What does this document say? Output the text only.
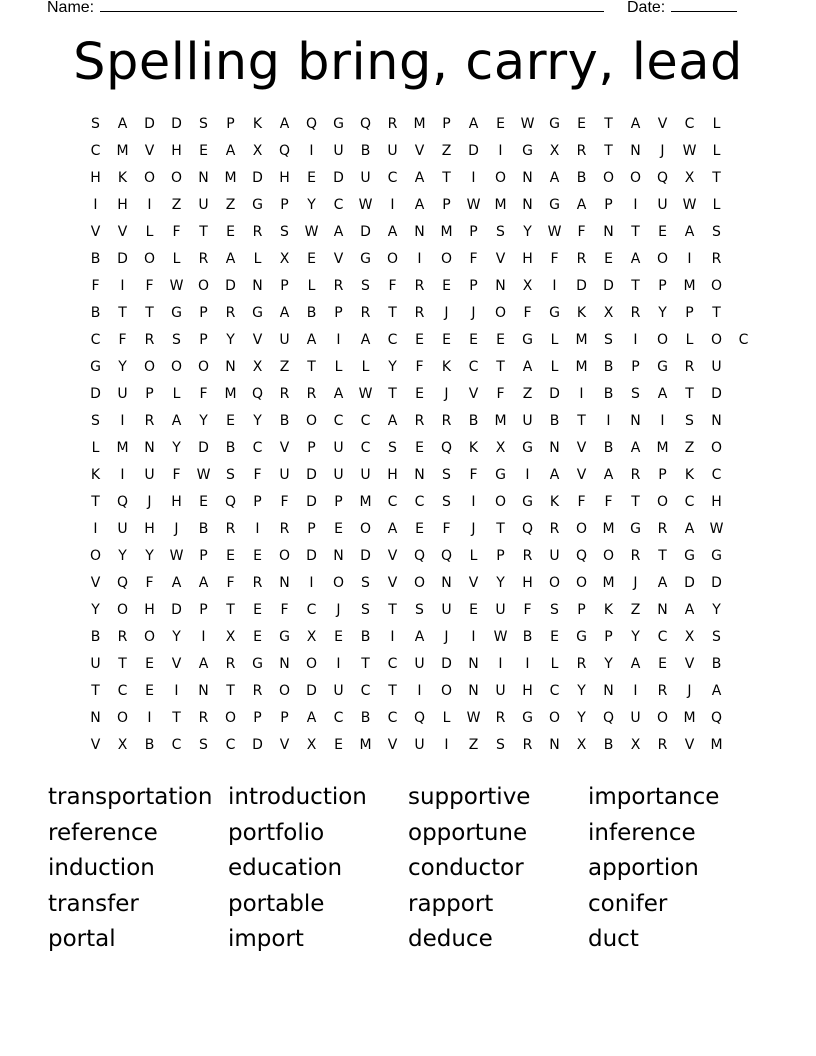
Name:	Date:
Spelling bring, carry, lead
S	A	D	D	S	P	K	A	Q	G	Q	R	M	P	A	E	W	G	E	T	A	V	C	L
C	M	V	H	E	A	X	Q	I	U	B	U	V	Z	D	I	G	X	R	T	N	J	W	L
H	K	O	O	N	M	D	H	E	D	U	C	A	T	I	O	N	A	B	O	O	Q	X	T
I	H	I	Z	U	Z	G	P	Y	C	W	I	A	P	W	M	N	G	A	P	I	U	W	L
V	V	L	F	T	E	R	S	W	A	D	A	N	M	P	S	Y	W	F	N	T	E	A	S
B	D	O	L	R	A	L	X	E	V	G	O	I	O	F	V	H	F	R	E	A	O	I	R
F	I	F	W	O	D	N	P	L	R	S	F	R	E	P	N	X	I	D	D	T	P	M	O
B	T	T	G	P	R	G	A	B	P	R	T	R	J	J	O	F	G	K	X	R	Y	P	T
C	F	R	S	P	Y	V	U	A	I	A	C	E	E	E	E	G	L	M	S	I	O	L	O	C
G	Y	O	O	O	N	X	Z	T	L	L	Y	F	K	C	T	A	L	M	B	P	G	R	U
D	U	P	L	F	M	Q	R	R	A	W	T	E	J	V	F	Z	D	I	B	S	A	T	D
S	I	R	A	Y	E	Y	B	O	C	C	A	R	R	B	M	U	B	T	I	N	I	S	N
L	M	N	Y	D	B	C	V	P	U	C	S	E	Q	K	X	G	N	V	B	A	M	Z	O
K	I	U	F	W	S	F	U	D	U	U	H	N	S	F	G	I	A	V	A	R	P	K	C
T	Q	J	H	E	Q	P	F	D	P	M	C	C	S	I	O	G	K	F	F	T	O	C	H
I	U	H	J	B	R	I	R	P	E	O	A	E	F	J	T	Q	R	O	M	G	R	A	W
O	Y	Y	W	P	E	E	O	D	N	D	V	Q	Q	L	P	R	U	Q	O	R	T	G	G
V	Q	F	A	A	F	R	N	I	O	S	V	O	N	V	Y	H	O	O	M	J	A	D	D
Y	O	H	D	P	T	E	F	C	J	S	T	S	U	E	U	F	S	P	K	Z	N	A	Y
B	R	O	Y	I	X	E	G	X	E	B	I	A	J	I	W	B	E	G	P	Y	C	X	S
U	T	E	V	A	R	G	N	O	I	T	C	U	D	N	I	I	L	R	Y	A	E	V	B
T	C	E	I	N	T	R	O	D	U	C	T	I	O	N	U	H	C	Y	N	I	R	J	A
N	O	I	T	R	O	P	P	A	C	B	C	Q	L	W	R	G	O	Y	Q	U	O	M	Q
V	X	B	C	S	C	D	V	X	E	M	V	U	I	Z	S	R	N	X	B	X	R	V	M
transportation introduction	supportive	importance
reference	portfolio	opportune	inference
induction	education	conductor	apportion
transfer	portable	rapport	conifer
portal	import	deduce	duct
